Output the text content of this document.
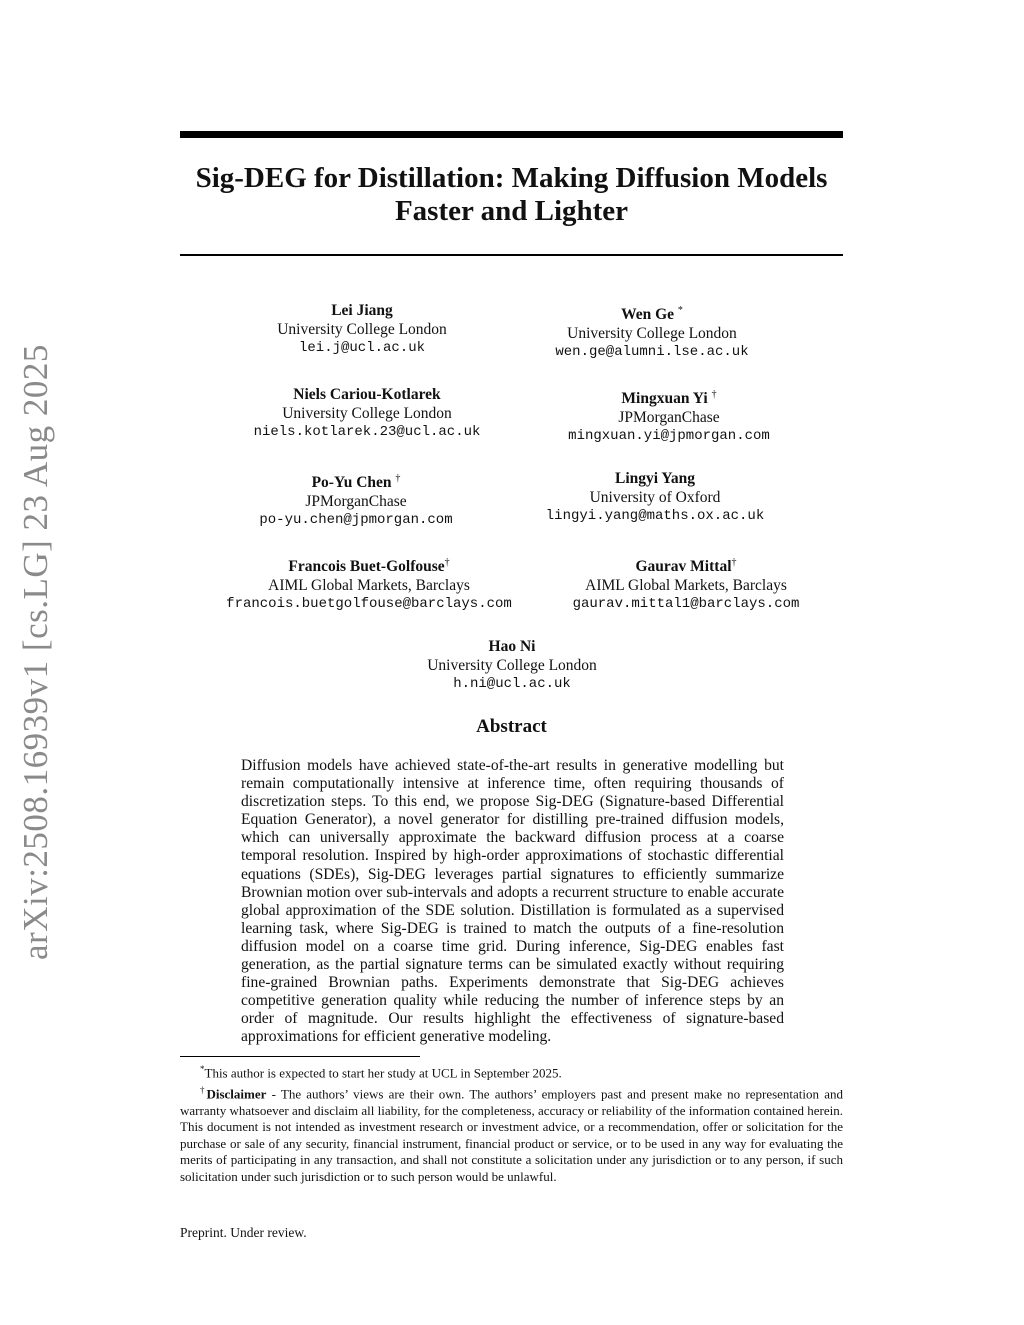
arXiv:2508.16939v1 [cs.LG] 23 Aug 2025
Sig-DEG for Distillation: Making Diffusion Models
Faster and Lighter
Lei Jiang
University College London
lei.j@ucl.ac.uk
Wen Ge *
University College London
wen.ge@alumni.lse.ac.uk
Niels Cariou-Kotlarek
University College London
niels.kotlarek.23@ucl.ac.uk
Mingxuan Yi †
JPMorganChase
mingxuan.yi@jpmorgan.com
Po-Yu Chen †
JPMorganChase
po-yu.chen@jpmorgan.com
Lingyi Yang
University of Oxford
lingyi.yang@maths.ox.ac.uk
Francois Buet-Golfouse†
AIML Global Markets, Barclays
francois.buetgolfouse@barclays.com
Gaurav Mittal†
AIML Global Markets, Barclays
gaurav.mittal1@barclays.com
Hao Ni
University College London
h.ni@ucl.ac.uk
Abstract

Diffusion models have achieved state-of-the-art results in generative modelling but remain computationally intensive at inference time, often requiring thousands of discretization steps. To this end, we propose Sig-DEG (Signature-based Differential Equation Generator), a novel generator for distilling pre-trained diffusion models, which can universally approximate the backward diffusion process at a coarse temporal resolution. Inspired by high-order approximations of stochastic differential equations (SDEs), Sig-DEG leverages partial signatures to efficiently summarize Brownian motion over sub-intervals and adopts a recurrent structure to enable accurate global approximation of the SDE solution. Distillation is formulated as a supervised learning task, where Sig-DEG is trained to match the outputs of a fine-resolution diffusion model on a coarse time grid. During inference, Sig-DEG enables fast generation, as the partial signature terms can be simulated exactly without requiring fine-grained Brownian paths. Experiments demonstrate that Sig-DEG achieves competitive generation quality while reducing the number of inference steps by an order of magnitude. Our results highlight the effectiveness of signature-based approximations for efficient generative modeling.

*This author is expected to start her study at UCL in September 2025.

†Disclaimer - The authors’ views are their own. The authors’ employers past and present make no representation and warranty whatsoever and disclaim all liability, for the completeness, accuracy or reliability of the information contained herein. This document is not intended as investment research or investment advice, or a recommendation, offer or solicitation for the purchase or sale of any security, financial instrument, financial product or service, or to be used in any way for evaluating the merits of participating in any transaction, and shall not constitute a solicitation under any jurisdiction or to any person, if such solicitation under such jurisdiction or to such person would be unlawful.

Preprint. Under review.
